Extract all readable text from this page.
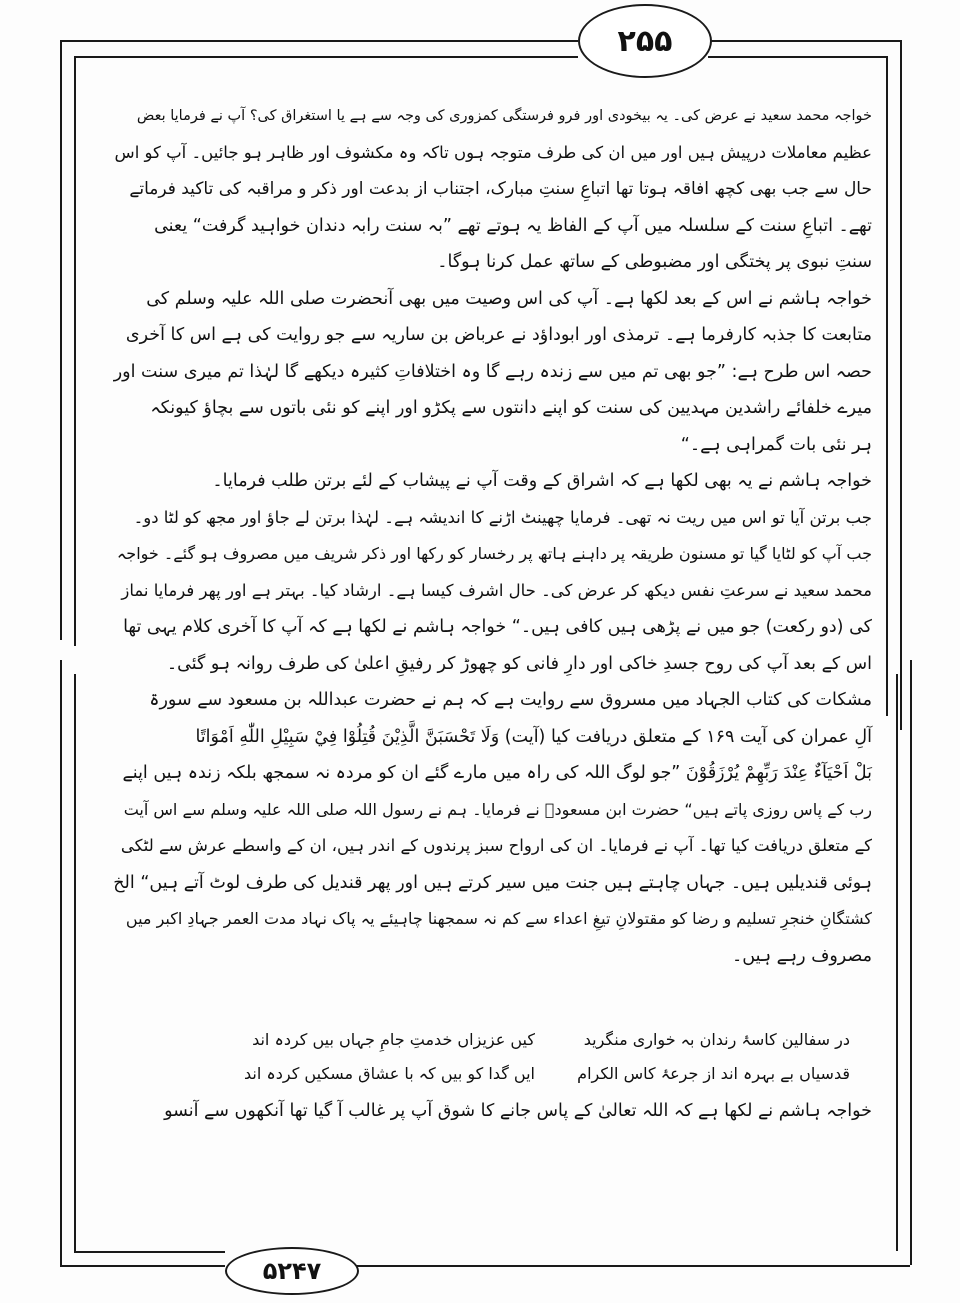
۲۵۵
۵۲۴۷
خواجہ محمد سعید نے عرض کی۔ یہ بیخودی اور فرو فرستگی کمزوری کی وجہ سے ہے یا استغراق کی؟ آپ نے فرمایا بعض
عظیم معاملات درپیش ہیں اور میں ان کی طرف متوجہ ہوں تاکہ وہ مکشوف اور ظاہر ہو جائیں۔ آپ کو اس
حال سے جب بھی کچھ افاقہ ہوتا تھا اتباعِ سنتِ مبارک، اجتناب از بدعت اور ذکر و مراقبہ کی تاکید فرماتے
تھے۔ اتباعِ سنت کے سلسلہ میں آپ کے الفاظ یہ ہوتے تھے ”بہ سنت رابہ دندان خواہید گرفت“ یعنی
سنتِ نبوی پر پختگی اور مضبوطی کے ساتھ عمل کرنا ہوگا۔
خواجہ ہاشم نے اس کے بعد لکھا ہے۔ آپ کی اس وصیت میں بھی آنحضرت صلی اللہ علیہ وسلم کی
متابعت کا جذبہ کارفرما ہے۔ ترمذی اور ابوداؤد نے عرباض بن ساریہ سے جو روایت کی ہے اس کا آخری
حصہ اس طرح ہے: ”جو بھی تم میں سے زندہ رہے گا وہ اختلافاتِ کثیرہ دیکھے گا لہٰذا تم میری سنت اور
میرے خلفائے راشدین مہدیین کی سنت کو اپنے دانتوں سے پکڑو اور اپنے کو نئی باتوں سے بچاؤ کیونکہ
ہر نئی بات گمراہی ہے۔“
خواجہ ہاشم نے یہ بھی لکھا ہے کہ اشراق کے وقت آپ نے پیشاب کے لئے برتن طلب فرمایا۔
جب برتن آیا تو اس میں ریت نہ تھی۔ فرمایا چھینٹ اڑنے کا اندیشہ ہے۔ لہٰذا برتن لے جاؤ اور مجھ کو لٹا دو۔
جب آپ کو لٹایا گیا تو مسنون طریقہ پر داہنے ہاتھ پر رخسار کو رکھا اور ذکر شریف میں مصروف ہو گئے۔ خواجہ
محمد سعید نے سرعتِ نفس دیکھ کر عرض کی۔ حال اشرف کیسا ہے۔ ارشاد کیا۔ بہتر ہے اور پھر فرمایا نماز
کی (دو رکعت) جو میں نے پڑھی ہیں کافی ہیں۔“ خواجہ ہاشم نے لکھا ہے کہ آپ کا آخری کلام یہی تھا
اس کے بعد آپ کی روح جسدِ خاکی اور دارِ فانی کو چھوڑ کر رفیقِ اعلیٰ کی طرف روانہ ہو گئی۔
مشکات کی کتاب الجہاد میں مسروق سے روایت ہے کہ ہم نے حضرت عبداللہ بن مسعود سے سورۃ
آلِ عمران کی آیت ۱۶۹ کے متعلق دریافت کیا (آیت) وَلَا تَحْسَبَنَّ الَّذِيْنَ قُتِلُوْا فِيْ سَبِيْلِ اللّٰهِ اَمْوَاتًا
بَلْ اَحْيَآءٌ عِنْدَ رَبِّهِمْ يُرْزَقُوْنَ ”جو لوگ اللہ کی راہ میں مارے گئے ان کو مردہ نہ سمجھ بلکہ زندہ ہیں اپنے
رب کے پاس روزی پاتے ہیں“ حضرت ابن مسعودؓ نے فرمایا۔ ہم نے رسول اللہ صلی اللہ علیہ وسلم سے اس آیت
کے متعلق دریافت کیا تھا۔ آپ نے فرمایا۔ ان کی ارواح سبز پرندوں کے اندر ہیں، ان کے واسطے عرش سے لٹکی
ہوئی قندیلیں ہیں۔ جہاں چاہتے ہیں جنت میں سیر کرتے ہیں اور پھر قندیل کی طرف لوٹ آتے ہیں“ الخ
کشتگانِ خنجرِ تسلیم و رضا کو مقتولانِ تیغِ اعداء سے کم نہ سمجھنا چاہیئے یہ پاک نہاد مدت العمر جہادِ اکبر میں
مصروف رہے ہیں۔
در سفالین کاسۂ رندان بہ خواری منگرید
قدسیاں بے بہرہ اند از جرعۂ کاس الکرام
کیں عزیزاں خدمتِ جامِ جہاں بیں کردہ اند
ایں گدا کو بیں کہ با عشاق مسکیں کردہ اند
خواجہ ہاشم نے لکھا ہے کہ اللہ تعالیٰ کے پاس جانے کا شوق آپ پر غالب آ گیا تھا آنکھوں سے آنسو
